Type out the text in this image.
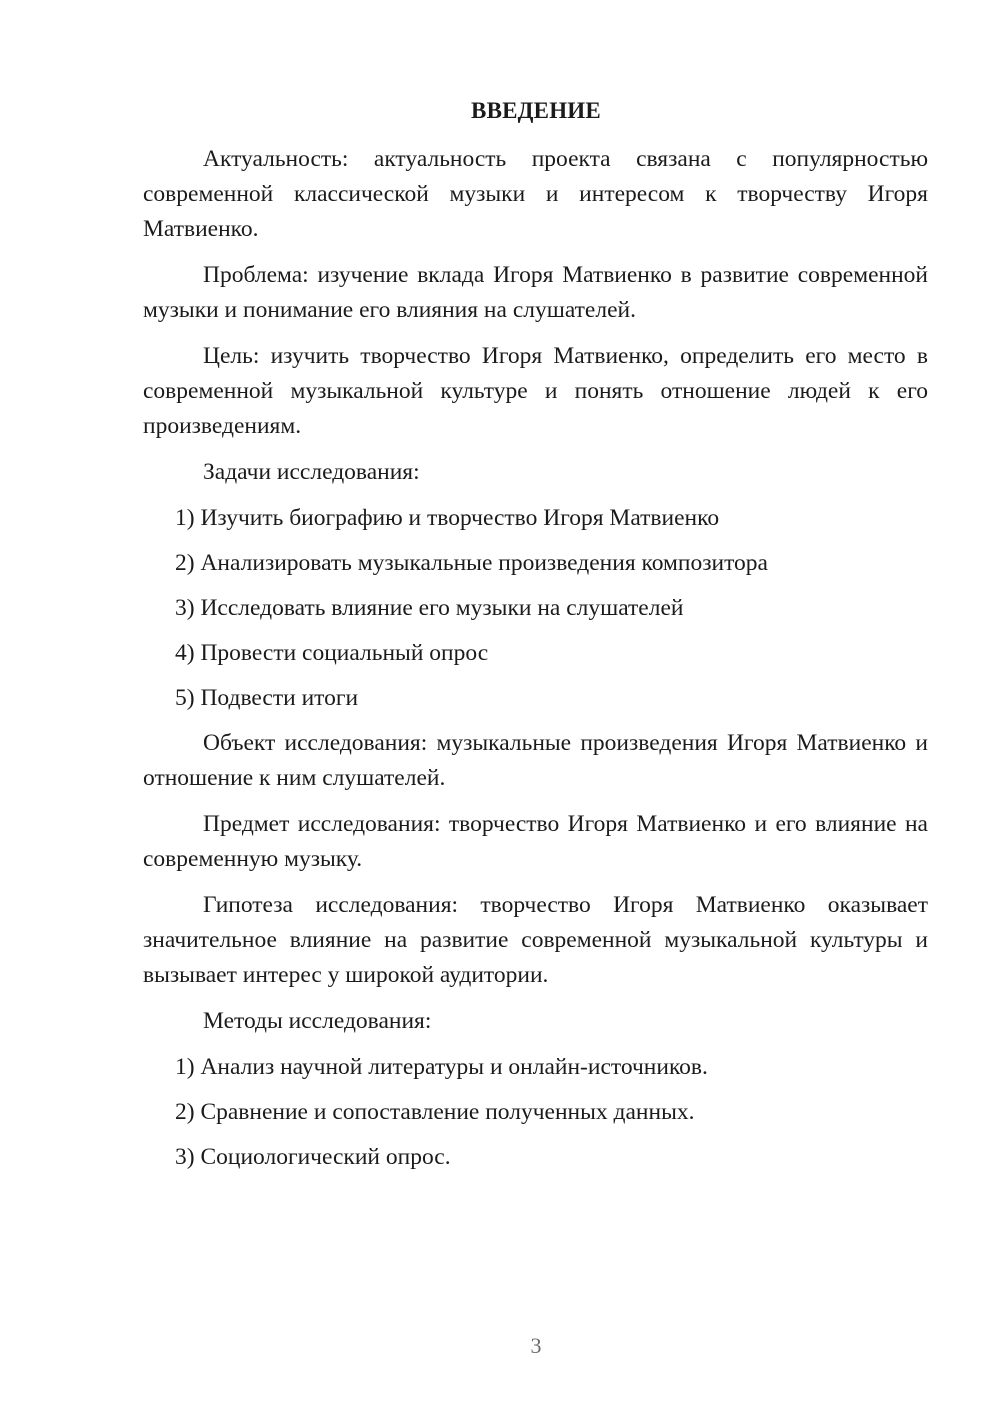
ВВЕДЕНИЕ

Актуальность: актуальность проекта связана с популярностью современной классической музыки и интересом к творчеству Игоря Матвиенко.

Проблема: изучение вклада Игоря Матвиенко в развитие современной музыки и понимание его влияния на слушателей.

Цель: изучить творчество Игоря Матвиенко, определить его место в современной музыкальной культуре и понять отношение людей к его произведениям.

Задачи исследования:

1) Изучить биографию и творчество Игоря Матвиенко

2) Анализировать музыкальные произведения композитора

3) Исследовать влияние его музыки на слушателей

4) Провести социальный опрос

5) Подвести итоги

Объект исследования: музыкальные произведения Игоря Матвиенко и отношение к ним слушателей.

Предмет исследования: творчество Игоря Матвиенко и его влияние на современную музыку.

Гипотеза исследования: творчество Игоря Матвиенко оказывает значительное влияние на развитие современной музыкальной культуры и вызывает интерес у широкой аудитории.

Методы исследования:

1) Анализ научной литературы и онлайн-источников.

2) Сравнение и сопоставление полученных данных.

3) Социологический опрос.

3
